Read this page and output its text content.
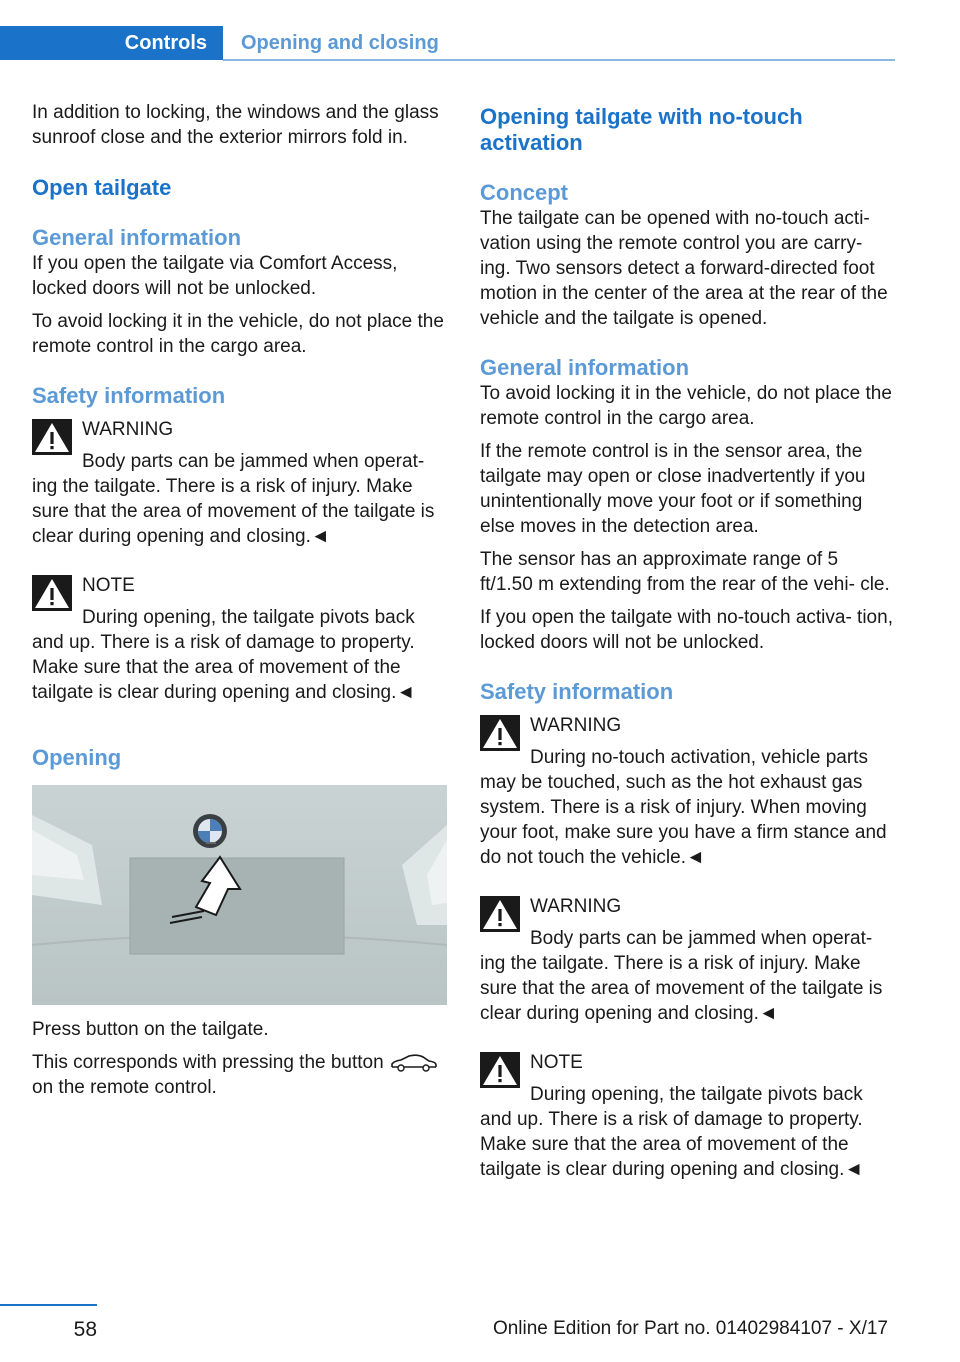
Controls	Opening and closing

In addition to locking, the windows and the glass sunroof close and the exterior mirrors fold in.

Open tailgate
General information

If you open the tailgate via Comfort Access, locked doors will not be unlocked.

To avoid locking it in the vehicle, do not place the remote control in the cargo area.

Safety information
WARNING

Body parts can be jammed when operat-

ing the tailgate. There is a risk of injury. Make sure that the area of movement of the tailgate is clear during opening and closing.◄

NOTE

During opening, the tailgate pivots back

and up. There is a risk of damage to property. Make sure that the area of movement of the tailgate is clear during opening and closing.◄

Opening

Press button on the tailgate.

This corresponds with pressing the button  on the remote control.

Opening tailgate with no-touch activation
Concept

The tailgate can be opened with no-touch acti- vation using the remote control you are carry- ing. Two sensors detect a forward-directed foot motion in the center of the area at the rear of the vehicle and the tailgate is opened.

General information

To avoid locking it in the vehicle, do not place the remote control in the cargo area.

If the remote control is in the sensor area, the tailgate may open or close inadvertently if you unintentionally move your foot or if something else moves in the detection area.

The sensor has an approximate range of 5 ft/1.50 m extending from the rear of the vehi- cle.

If you open the tailgate with no-touch activa- tion, locked doors will not be unlocked.

Safety information
WARNING

During no-touch activation, vehicle parts

may be touched, such as the hot exhaust gas system. There is a risk of injury. When moving your foot, make sure you have a firm stance and do not touch the vehicle.◄

WARNING

Body parts can be jammed when operat-

ing the tailgate. There is a risk of injury. Make sure that the area of movement of the tailgate is clear during opening and closing.◄

NOTE

During opening, the tailgate pivots back

and up. There is a risk of damage to property. Make sure that the area of movement of the tailgate is clear during opening and closing.◄

58	Online Edition for Part no. 01402984107 - X/17
